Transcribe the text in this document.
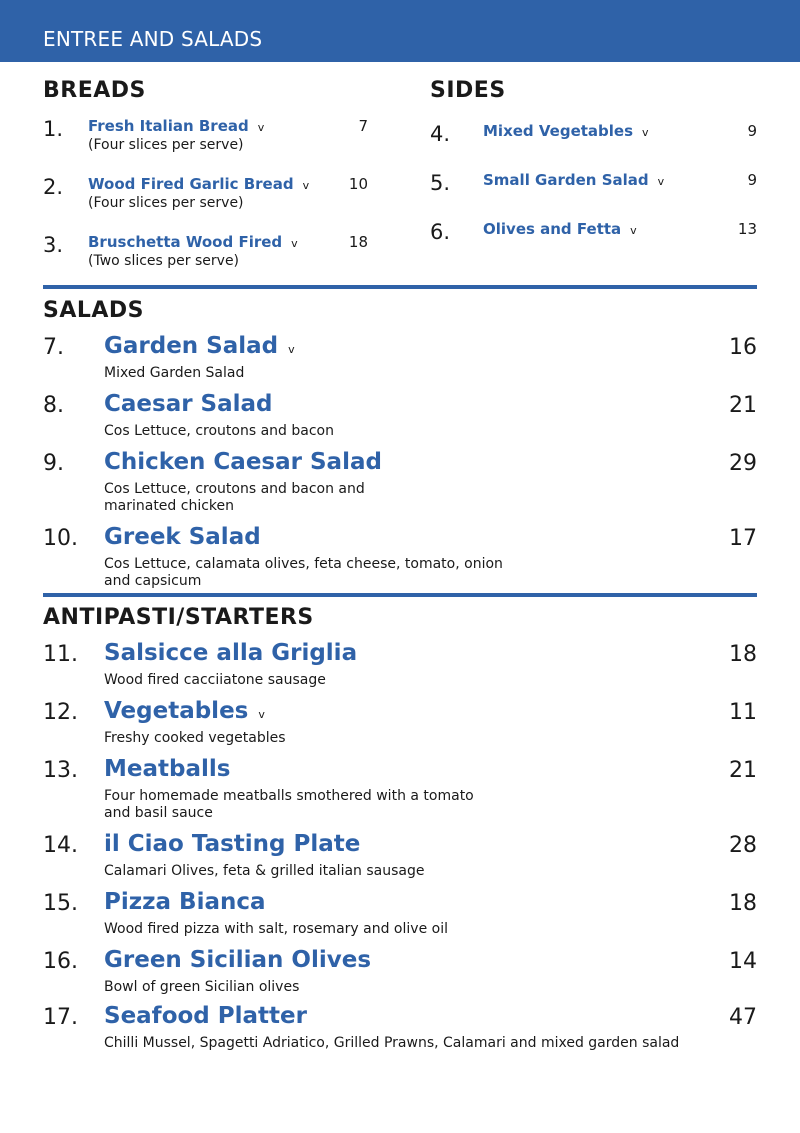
ENTREE AND SALADS
BREADS
1. Fresh Italian Bread v	7
(Four slices per serve)
2. Wood Fired Garlic Bread v	10
(Four slices per serve)
3. Bruschetta Wood Fired v	18
(Two slices per serve)
SIDES
4. Mixed Vegetables v	9
5. Small Garden Salad v	9
6. Olives and Fetta v	13
SALADS
7. Garden Salad v	16
Mixed Garden Salad
8. Caesar Salad	21
Cos Lettuce, croutons and bacon
9. Chicken Caesar Salad	29
Cos Lettuce, croutons and bacon and marinated chicken
10. Greek Salad	17
Cos Lettuce, calamata olives, feta cheese, tomato, onion and capsicum
ANTIPASTI/STARTERS
11. Salsicce alla Griglia	18
Wood fired cacciiatone sausage
12. Vegetables v	11
Freshy cooked vegetables
13. Meatballs	21
Four homemade meatballs smothered with a tomato and basil sauce
14. il Ciao Tasting Plate	28
Calamari Olives, feta & grilled italian sausage
15. Pizza Bianca	18
Wood fired pizza with salt, rosemary and olive oil
16. Green Sicilian Olives	14
Bowl of green Sicilian olives
17. Seafood Platter	47
Chilli Mussel, Spagetti Adriatico, Grilled Prawns, Calamari and mixed garden salad
